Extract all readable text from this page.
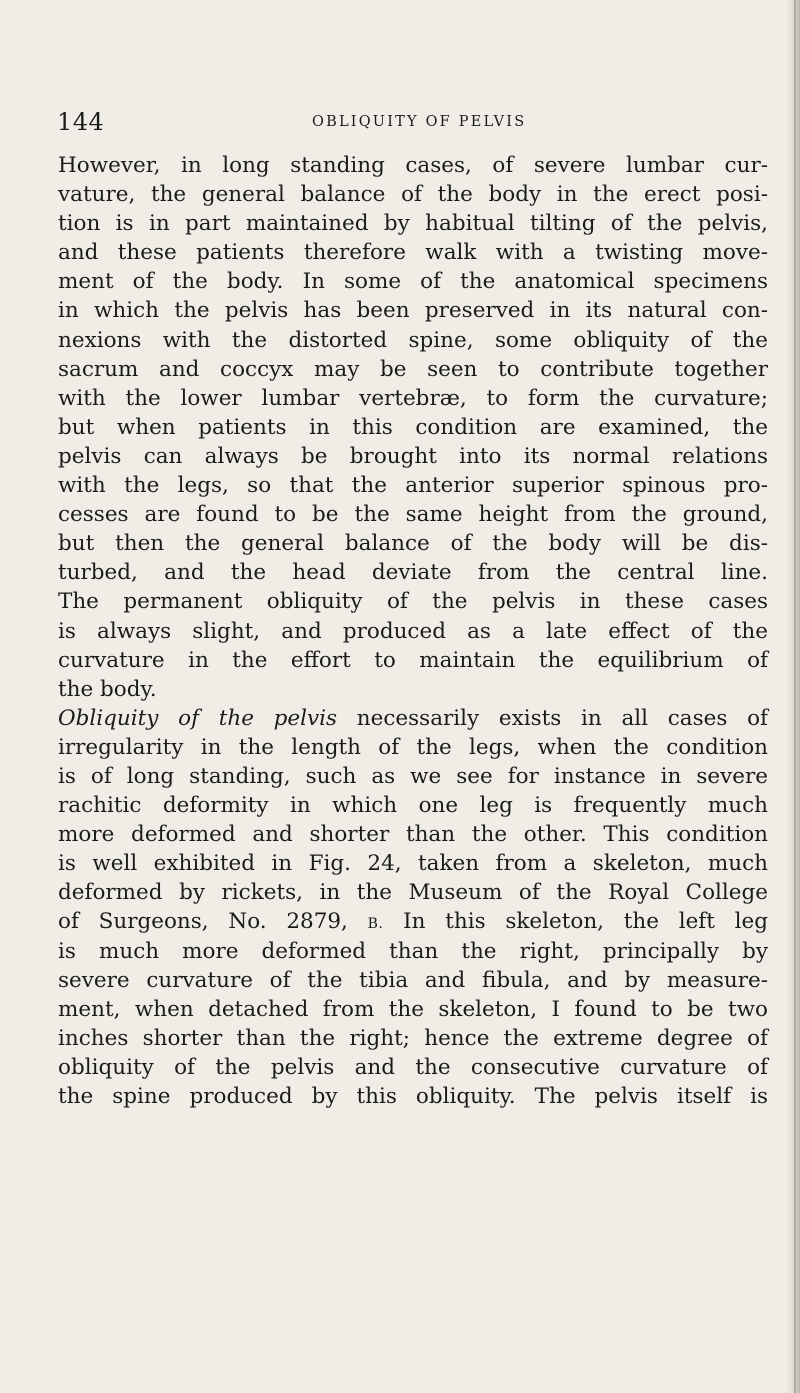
144	OBLIQUITY OF PELVIS
However, in long standing cases, of severe lumbar cur-
vature, the general balance of the body in the erect posi-
tion is in part maintained by habitual tilting of the pelvis,
and these patients therefore walk with a twisting move-
ment of the body. In some of the anatomical specimens
in which the pelvis has been preserved in its natural con-
nexions with the distorted spine, some obliquity of the
sacrum and coccyx may be seen to contribute together
with the lower lumbar vertebræ, to form the curvature;
but when patients in this condition are examined, the
pelvis can always be brought into its normal relations
with the legs, so that the anterior superior spinous pro-
cesses are found to be the same height from the ground,
but then the general balance of the body will be dis-
turbed, and the head deviate from the central line.
The permanent obliquity of the pelvis in these cases
is always slight, and produced as a late effect of the
curvature in the effort to maintain the equilibrium of
the body.
Obliquity of the pelvis necessarily exists in all cases of
irregularity in the length of the legs, when the condition
is of long standing, such as we see for instance in severe
rachitic deformity in which one leg is frequently much
more deformed and shorter than the other. This condition
is well exhibited in Fig. 24, taken from a skeleton, much
deformed by rickets, in the Museum of the Royal College
of Surgeons, No. 2879, B. In this skeleton, the left leg
is much more deformed than the right, principally by
severe curvature of the tibia and fibula, and by measure-
ment, when detached from the skeleton, I found to be two
inches shorter than the right; hence the extreme degree of
obliquity of the pelvis and the consecutive curvature of
the spine produced by this obliquity. The pelvis itself is
